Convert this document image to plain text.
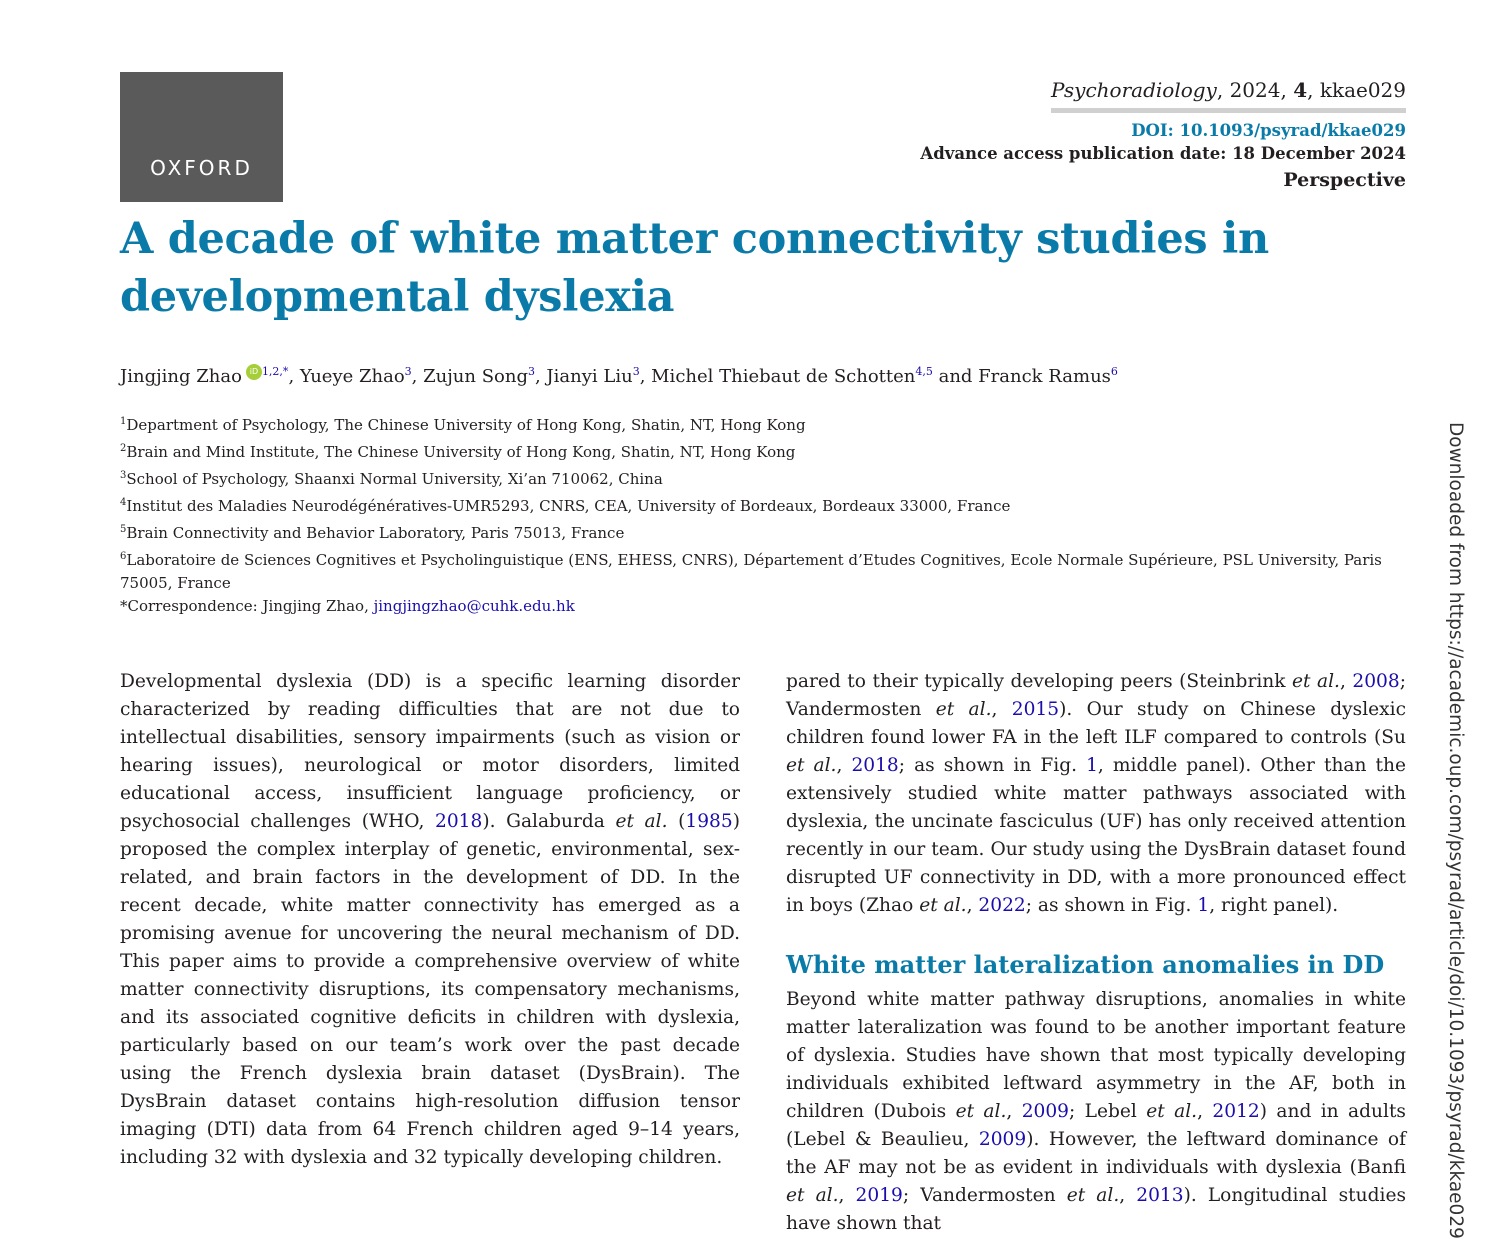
OXFORD
Psychoradiology, 2024, 4, kkae029
DOI: 10.1093/psyrad/kkae029
Advance access publication date: 18 December 2024
Perspective
A decade of white matter connectivity studies in developmental dyslexia
Jingjing Zhao iD $^{1,2,*}$, Yueye Zhao$^3$, Zujun Song$^3$, Jianyi Liu$^3$, Michel Thiebaut de Schotten$^{4,5}$ and Franck Ramus$^6$

$^1$Department of Psychology, The Chinese University of Hong Kong, Shatin, NT, Hong Kong

$^2$Brain and Mind Institute, The Chinese University of Hong Kong, Shatin, NT, Hong Kong

$^3$School of Psychology, Shaanxi Normal University, Xi’an 710062, China

$^4$Institut des Maladies Neurodégénératives-UMR5293, CNRS, CEA, University of Bordeaux, Bordeaux 33000, France

$^5$Brain Connectivity and Behavior Laboratory, Paris 75013, France

$^6$Laboratoire de Sciences Cognitives et Psycholinguistique (ENS, EHESS, CNRS), Département d’Etudes Cognitives, Ecole Normale Supérieure, PSL University, Paris 75005, France

*Correspondence: Jingjing Zhao, jingjingzhao@cuhk.edu.hk

Developmental dyslexia (DD) is a specific learning disorder characterized by reading difficulties that are not due to intellectual disabilities, sensory impairments (such as vision or hearing issues), neurological or motor disorders, limited educational access, insufficient language proficiency, or psychosocial challenges (WHO, 2018). Galaburda et al. (1985) proposed the complex interplay of genetic, environmental, sex-related, and brain factors in the development of DD. In the recent decade, white matter connectivity has emerged as a promising avenue for uncovering the neural mechanism of DD. This paper aims to provide a comprehensive overview of white matter connectivity disruptions, its compensatory mechanisms, and its associated cognitive deficits in children with dyslexia, particularly based on our team’s work over the past decade using the French dyslexia brain dataset (DysBrain). The DysBrain dataset contains high-resolution diffusion tensor imaging (DTI) data from 64 French children aged 9–14 years, including 32 with dyslexia and 32 typically developing children.

pared to their typically developing peers (Steinbrink et al., 2008; Vandermosten et al., 2015). Our study on Chinese dyslexic children found lower FA in the left ILF compared to controls (Su et al., 2018; as shown in Fig. 1, middle panel). Other than the extensively studied white matter pathways associated with dyslexia, the uncinate fasciculus (UF) has only received attention recently in our team. Our study using the DysBrain dataset found disrupted UF connectivity in DD, with a more pronounced effect in boys (Zhao et al., 2022; as shown in Fig. 1, right panel).

White matter lateralization anomalies in DD

Beyond white matter pathway disruptions, anomalies in white matter lateralization was found to be another important feature of dyslexia. Studies have shown that most typically developing individuals exhibited leftward asymmetry in the AF, both in children (Dubois et al., 2009; Lebel et al., 2012) and in adults (Lebel & Beaulieu, 2009). However, the leftward dominance of the AF may not be as evident in individuals with dyslexia (Banfi et al., 2019; Vandermosten et al., 2013). Longitudinal studies have shown that	Downloaded from https://academic.oup.com/psyrad/article/doi/10.1093/psyrad/kkae029
